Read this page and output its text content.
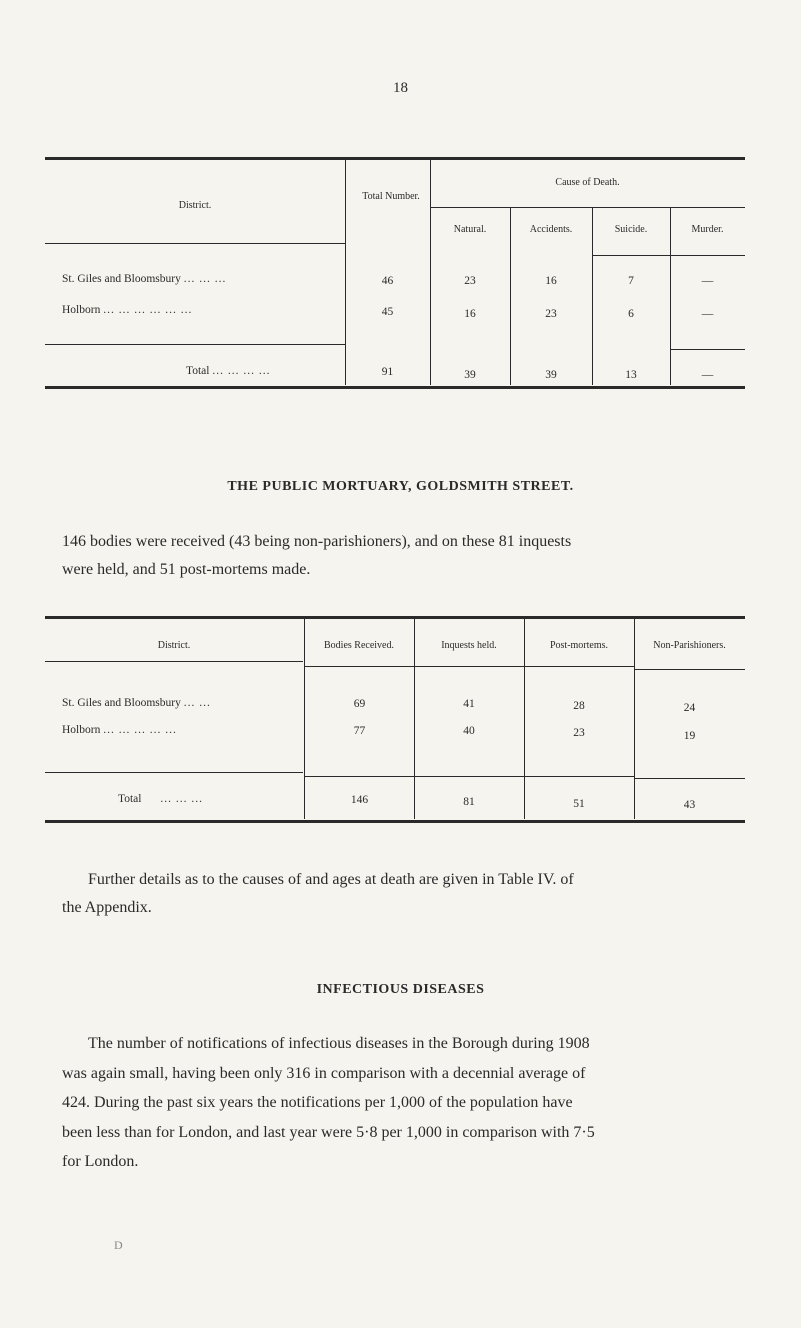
18
District.
Total Number.
Cause of Death.
Natural.	Accidents.	Suicide.	Murder.
St. Giles and Bloomsbury ... ... ...	46	23	16	7	—
Holborn ... ... ... ... ... ...	45	16	23	6	—
Total ... ... ... ...	91	39	39	13	—
THE PUBLIC MORTUARY, GOLDSMITH STREET.

146 bodies were received (43 being non-parishioners), and on these 81 inquests

were held, and 51 post-mortems made.

District.	Bodies Received.	Inquests held.	Post-mortems.	Non-Parishioners.
St. Giles and Bloomsbury ... ...	69	41	28	24
Holborn ... ... ... ... ...	77	40	23	19
Total ... ... ...	146	81	51	43

Further details as to the causes of and ages at death are given in Table IV. of

the Appendix.

INFECTIOUS DISEASES

The number of notifications of infectious diseases in the Borough during 1908

was again small, having been only 316 in comparison with a decennial average of

424. During the past six years the notifications per 1,000 of the population have

been less than for London, and last year were 5·8 per 1,000 in comparison with 7·5

for London.

D
